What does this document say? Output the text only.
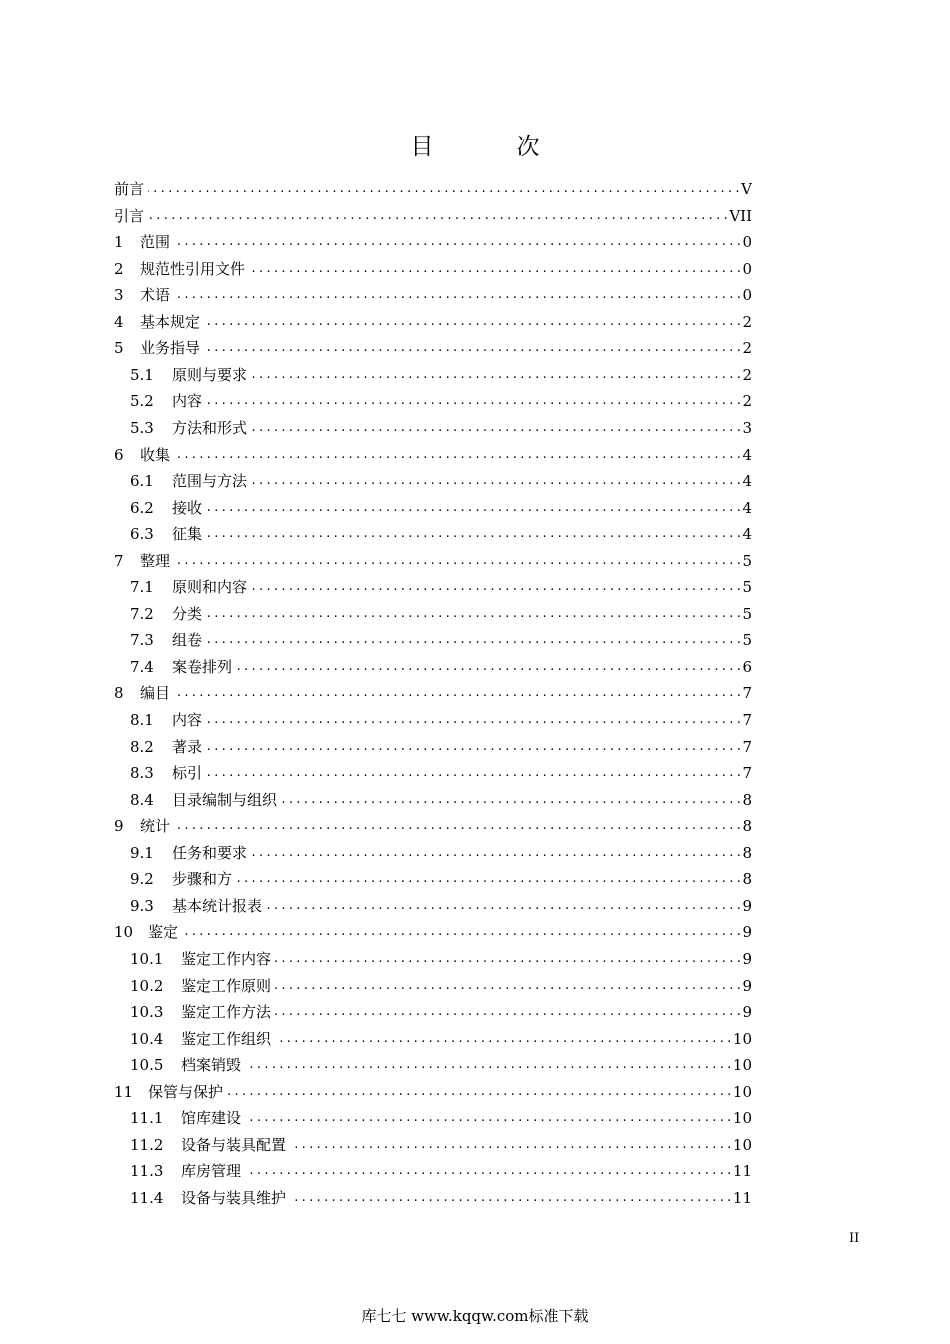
目　次
前言 . . .	V
引言 . . .	VII
1	范围 . . .	0
2	规范性引用文件 . . .	0
3	术语 . . .	0
4	基本规定 . . .	2
5	业务指导 . . .	2
5.1	原则与要求 . . .	2
5.2	内容 . . .	2
5.3	方法和形式 . . .	3
6	收集 . . .	4
6.1	范围与方法 . . .	4
6.2	接收 . . .	4
6.3	征集 . . .	4
7	整理 . . .	5
7.1	原则和内容 . . .	5
7.2	分类 . . .	5
7.3	组卷 . . .	5
7.4	案卷排列 . . .	6
8	编目 . . .	7
8.1	内容 . . .	7
8.2	著录 . . .	7
8.3	标引 . . .	7
8.4	目录编制与组织 . . .	8
9	统计 . . .	8
9.1	任务和要求 . . .	8
9.2	步骤和方 . . .	8
9.3	基本统计报表 . . .	9
10 鉴定 . . .	9
10.1	鉴定工作内容 . . .	9
10.2	鉴定工作原则 . . .	9
10.3	鉴定工作方法 . . .	9
10.4	鉴定工作组织 . . .	10
10.5	档案销毁 . . .	10
11 保管与保护 . . .	10
11.1	馆库建设 . . .	10
11.2	设备与装具配置 . . .	10
11.3	库房管理 . . .	11
11.4	设备与装具维护 . . .	11
II
库七七 www.kqqw.com标准下载
